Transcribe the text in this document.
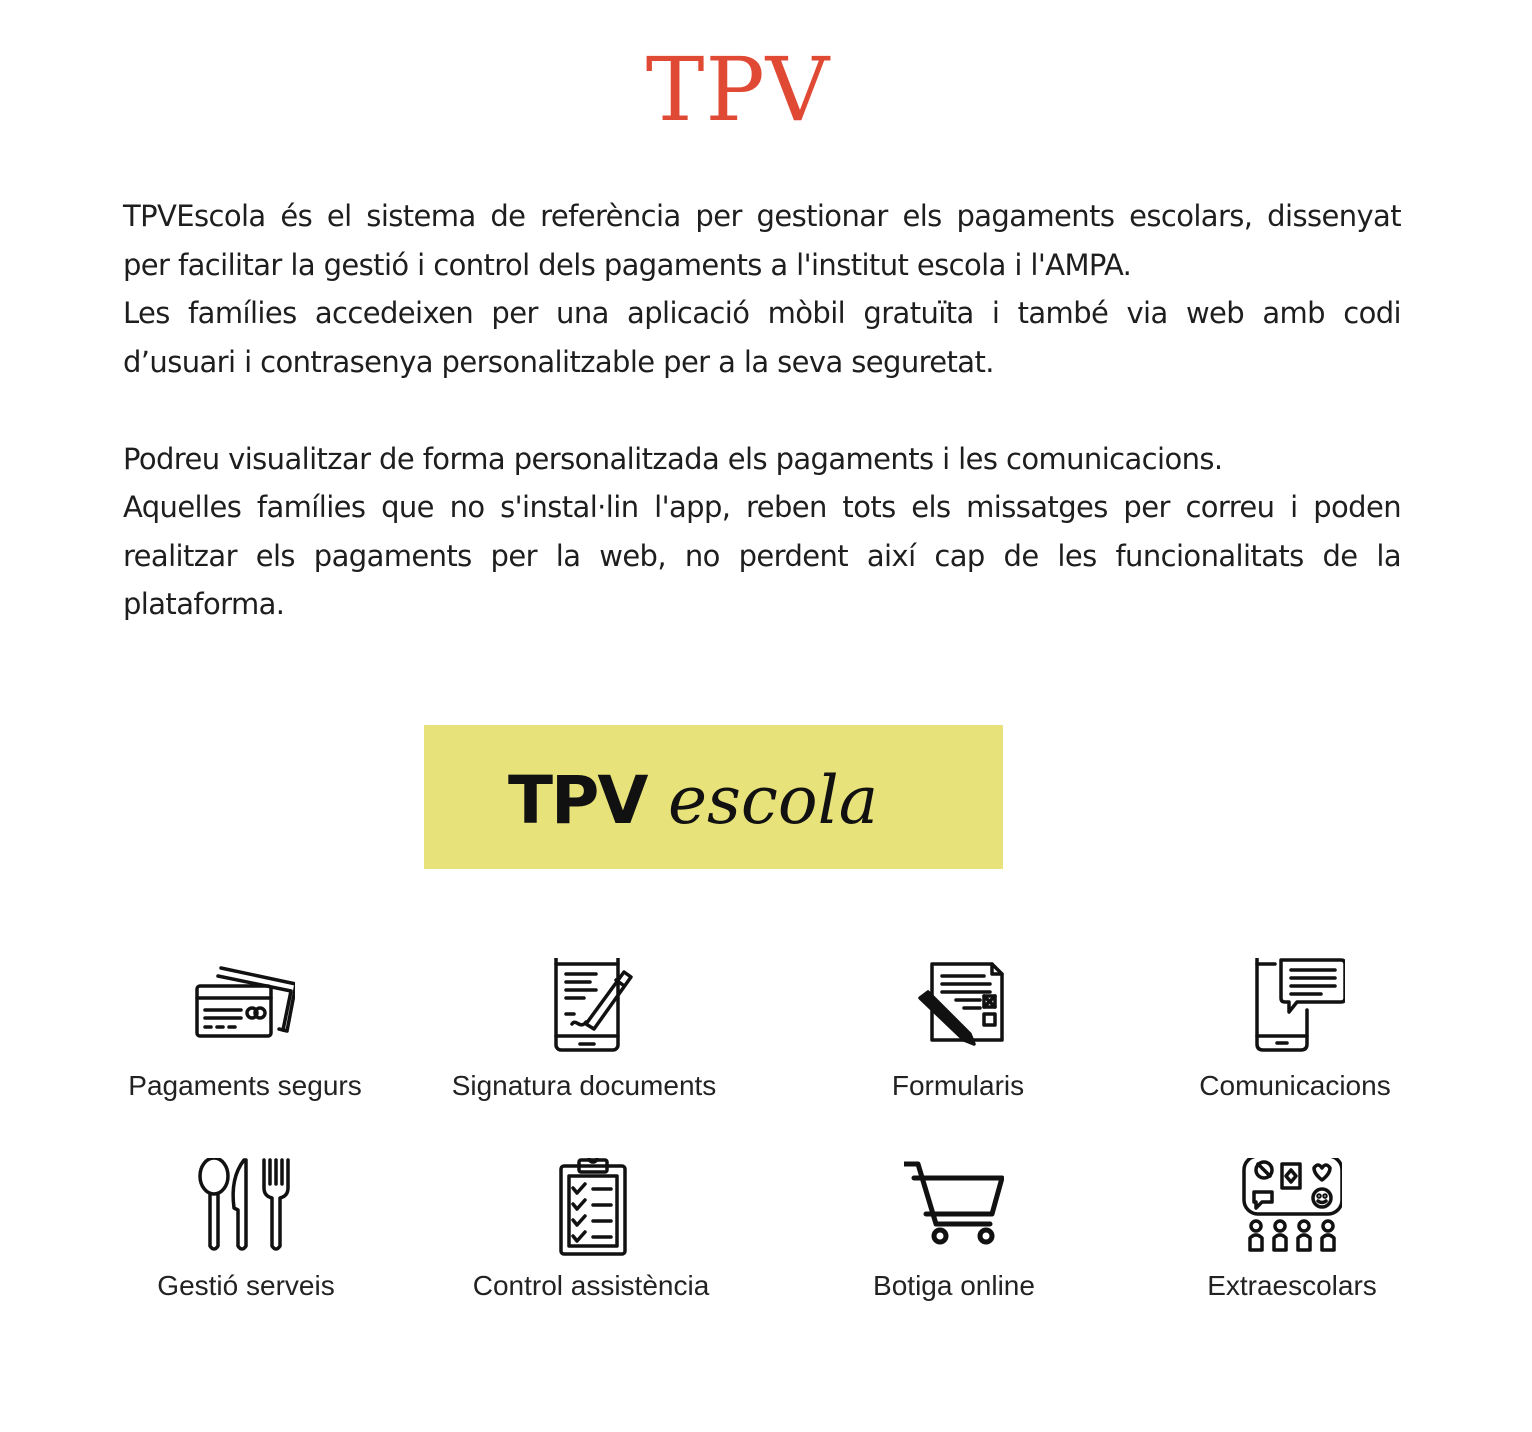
TPV

TPVEscola és el sistema de referència per gestionar els pagaments escolars, dissenyat

per facilitar la gestió i control dels pagaments a l'institut escola i l'AMPA.

Les famílies accedeixen per una aplicació mòbil gratuïta i també via web amb codi

d’usuari i contrasenya personalitzable per a la seva seguretat.

Podreu visualitzar de forma personalitzada els pagaments i les comunicacions.

Aquelles famílies que no s'instal·lin l'app, reben tots els missatges per correu i poden

realitzar els pagaments per la web, no perdent així cap de les funcionalitats de la

plataforma.

TPV escola
Pagaments segurs	Signatura documents	Formularis	Comunicacions
Gestió serveis	Control assistència	Botiga online	Extraescolars
